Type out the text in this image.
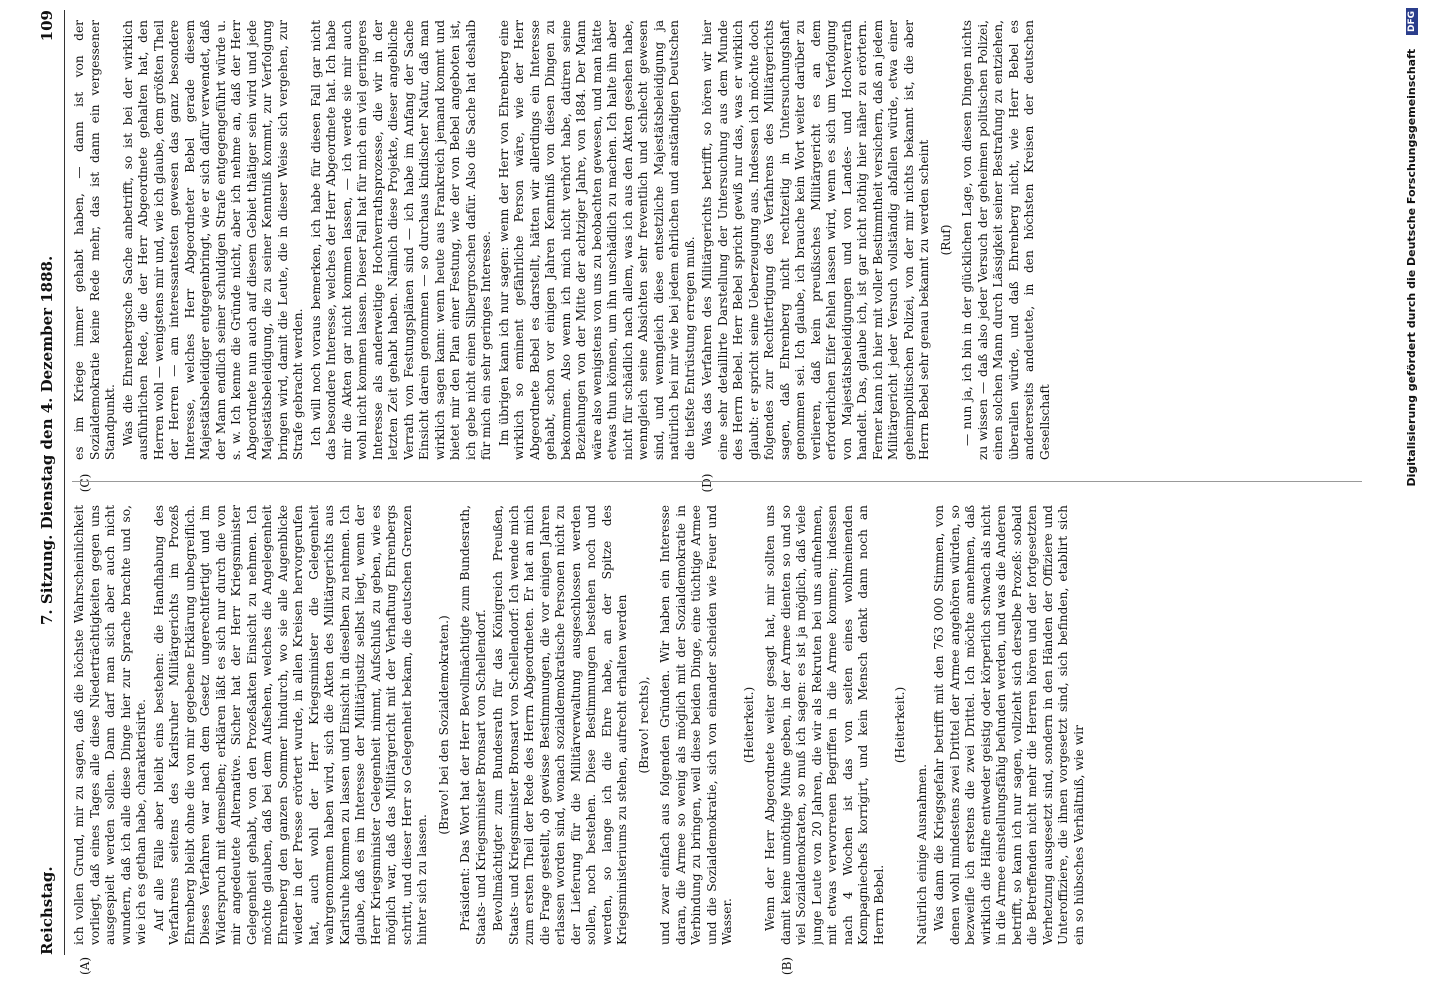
Reichstag.
7. Sitzung. Dienstag den 4. Dezember 1888.
109
(A)	(B)
(C)	(D)

ich vollen Grund, mir zu sagen, daß die höchste Wahrscheinlichkeit vorliegt, daß eines Tages alle diese Niederträchtigkeiten gegen uns ausgespielt werden sollen. Dann darf man sich aber auch nicht wundern, daß ich alle diese Dinge hier zur Sprache brachte und so, wie ich es gethan habe, charakterisirte. Auf alle Fälle aber bleibt eins bestehen: die Handhabung des Verfahrens seitens des Karlsruher Militärgerichts im Prozeß Ehrenberg bleibt ohne die von mir gegebene Erklärung unbegreiflich. Dieses Verfahren war nach dem Gesetz ungerechtfertigt und im Widerspruch mit demselben; erklären läßt es sich nur durch die von mir angedeutete Alternative. Sicher hat der Herr Kriegsminister Gelegenheit gehabt, von den Prozeßakten Einsicht zu nehmen. Ich möchte glauben, daß bei dem Aufsehen, welches die Angelegenheit Ehrenberg den ganzen Sommer hindurch, wo sie alle Augenblicke wieder in der Presse erörtert wurde, in allen Kreisen hervorgerufen hat, auch wohl der Herr Kriegsminister die Gelegenheit wahrgenommen haben wird, sich die Akten des Militärgerichts aus Karlsruhe kommen zu lassen und Einsicht in dieselben zu nehmen. Ich glaube, daß es im Interesse der Militärjustiz selbst liegt, wenn der Herr Kriegsminister Gelegenheit nimmt, Aufschluß zu geben, wie es möglich war, daß das Militärgericht mit der Verhaftung Ehrenbergs schritt, und dieser Herr so Gelegenheit bekam, die deutschen Grenzen hinter sich zu lassen.

(Bravo! bei den Sozialdemokraten.) Präsident: Das Wort hat der Herr Bevollmächtigte zum Bundesrath, Staats- und Kriegsminister Bronsart von Schellendorf. Bevollmächtigter zum Bundesrath für das Königreich Preußen, Staats- und Kriegsminister Bronsart von Schellendorf: Ich wende mich zum ersten Theil der Rede des Herrn Abgeordneten. Er hat an mich die Frage gestellt, ob gewisse Bestimmungen, die vor einigen Jahren erlassen worden sind, wonach sozialdemokratische Personen nicht zu der Lieferung für die Militärverwaltung ausgeschlossen werden sollen, noch bestehen. Diese Bestimmungen bestehen noch und werden, so lange ich die Ehre habe, an der Spitze des Kriegsministeriums zu stehen, aufrecht erhalten werden (Bravo! rechts), und zwar einfach aus folgenden Gründen. Wir haben ein Interesse daran, die Armee so wenig als möglich mit der Sozialdemokratie in Verbindung zu bringen, weil diese beiden Dinge, eine tüchtige Armee und die Sozialdemokratie, sich von einander scheiden wie Feuer und Wasser.

(Heiterkeit.) Wenn der Herr Abgeordnete weiter gesagt hat, mir sollten uns damit keine unnöthige Mühe geben, in der Armee dienten so und so viel Sozialdemokraten, so muß ich sagen: es ist ja möglich, daß viele junge Leute von 20 Jahren, die wir als Rekruten bei uns aufnehmen, mit etwas verworrenen Begriffen in die Armee kommen; indessen nach 4 Wochen ist das von seiten eines wohlmeinenden Kompagniechefs korrigirt, und kein Mensch denkt dann noch an Herrn Bebel.

(Heiterkeit.)

Natürlich einige Ausnahmen. Was dann die Kriegsgefahr betrifft mit den 763 000 Stimmen, von denen wohl mindestens zwei Drittel der Armee angehören würden, so bezweifle ich erstens die zwei Drittel. Ich möchte annehmen, daß wirklich die Hälfte entweder geistig oder körperlich schwach als nicht in die Armee einstellungsfähig befunden werden, und was die Anderen betrifft, so kann ich nur sagen, vollzieht sich derselbe Prozeß: sobald die Betreffenden nicht mehr die Herren hören und der fortgesetzten Verhetzung ausgesetzt sind, sondern in den Händen der Offiziere und Unteroffiziere, die ihnen vorgesetzt sind, sich befinden, etablirt sich ein so hübsches Verhältniß, wie wir

es im Kriege immer gehabt haben, — dann ist von der Sozialdemokratie keine Rede mehr, das ist dann ein vergessener Standpunkt. Was die Ehrenbergsche Sache anbetrifft, so ist bei der wirklich ausführlichen Rede, die der Herr Abgeordnete gehalten hat, den Herren wohl — wenigstens mir und, wie ich glaube, dem größten Theil der Herren — am interessantesten gewesen das ganz besondere Interesse, welches Herr Abgeordneter Bebel gerade diesem Majestätsbeleidiger entgegenbringt, wie er sich dafür verwendet, daß der Mann endlich seiner schuldigen Strafe entgegengeführt würde u. s. w. Ich kenne die Gründe nicht, aber ich nehme an, daß der Herr Abgeordnete nun auch auf diesem Gebiet thätiger sein wird und jede Majestätsbeleidigung, die zu seiner Kenntniß kommt, zur Verfolgung bringen wird, damit die Leute, die in dieser Weise sich vergehen, zur Strafe gebracht werden. Ich will noch voraus bemerken, ich habe für diesen Fall gar nicht das besondere Interesse, welches der Herr Abgeordnete hat. Ich habe mir die Akten gar nicht kommen lassen, — ich werde sie mir auch wohl nicht kommen lassen. Dieser Fall hat für mich ein viel geringeres Interesse als anderweitige Hochverrathsprozesse, die wir in der letzten Zeit gehabt haben. Nämlich diese Projekte, dieser angebliche Verrath von Festungsplänen sind — ich habe im Anfang der Sache Einsicht darein genommen — so durchaus kindischer Natur, daß man wirklich sagen kann: wenn heute aus Frankreich jemand kommt und bietet mir den Plan einer Festung, wie der von Bebel angeboten ist, ich gebe nicht einen Silbergroschen dafür. Also die Sache hat deshalb für mich ein sehr geringes Interesse. Im übrigen kann ich nur sagen: wenn der Herr von Ehrenberg eine wirklich so eminent gefährliche Person wäre, wie der Herr Abgeordnete Bebel es darstellt, hätten wir allerdings ein Interesse gehabt, schon vor einigen Jahren Kenntniß von diesen Dingen zu bekommen. Also wenn ich mich nicht verhört habe, datiren seine Beziehungen von der Mitte der achtziger Jahre, von 1884. Der Mann wäre also wenigstens von uns zu beobachten gewesen, und man hätte etwas thun können, um ihn unschädlich zu machen. Ich halte ihn aber nicht für schädlich nach allem, was ich aus den Akten gesehen habe, wenngleich seine Absichten sehr freventlich und schlecht gewesen sind, und wenngleich diese entsetzliche Majestätsbeleidigung ja natürlich bei mir wie bei jedem ehrlichen und anständigen Deutschen die tiefste Entrüstung erregen muß. Was das Verfahren des Militärgerichts betrifft, so hören wir hier eine sehr detaillirte Darstellung der Untersuchung aus dem Munde des Herrn Bebel. Herr Bebel spricht gewiß nur das, was er wirklich glaubt: er spricht seine Ueberzeugung aus. Indessen ich möchte doch folgendes zur Rechtfertigung des Verfahrens des Militärgerichts sagen, daß Ehrenberg nicht rechtzeitig in Untersuchungshaft genommen sei. Ich glaube, ich brauche kein Wort weiter darüber zu verlieren, daß kein preußisches Militärgericht es an dem erforderlichen Eifer fehlen lassen wird, wenn es sich um Verfolgung von Majestätsbeleidigungen und von Landes- und Hochverrath handelt. Das, glaube ich, ist gar nicht nöthig hier näher zu erörtern. Ferner kann ich hier mit voller Bestimmtheit versichern, daß an jedem Militärgericht jeder Versuch vollständig abfallen würde, etwa einer geheimpolitischen Polizei, von der mir nichts bekannt ist, die aber Herrn Bebel sehr genau bekannt zu werden scheint (Ruf) — nun ja, ich bin in der glücklichen Lage, von diesen Dingen nichts zu wissen — daß also jeder Versuch der geheimen politischen Polizei, einen solchen Mann durch Lässigkeit seiner Bestrafung zu entziehen, überallen würde, und daß Ehrenberg nicht, wie Herr Bebel es andererseits andeutete, in den höchsten Kreisen der deutschen Gesellschaft	Digitalisierung gefördert durch die Deutsche Forschungsgemeinschaft DFG
